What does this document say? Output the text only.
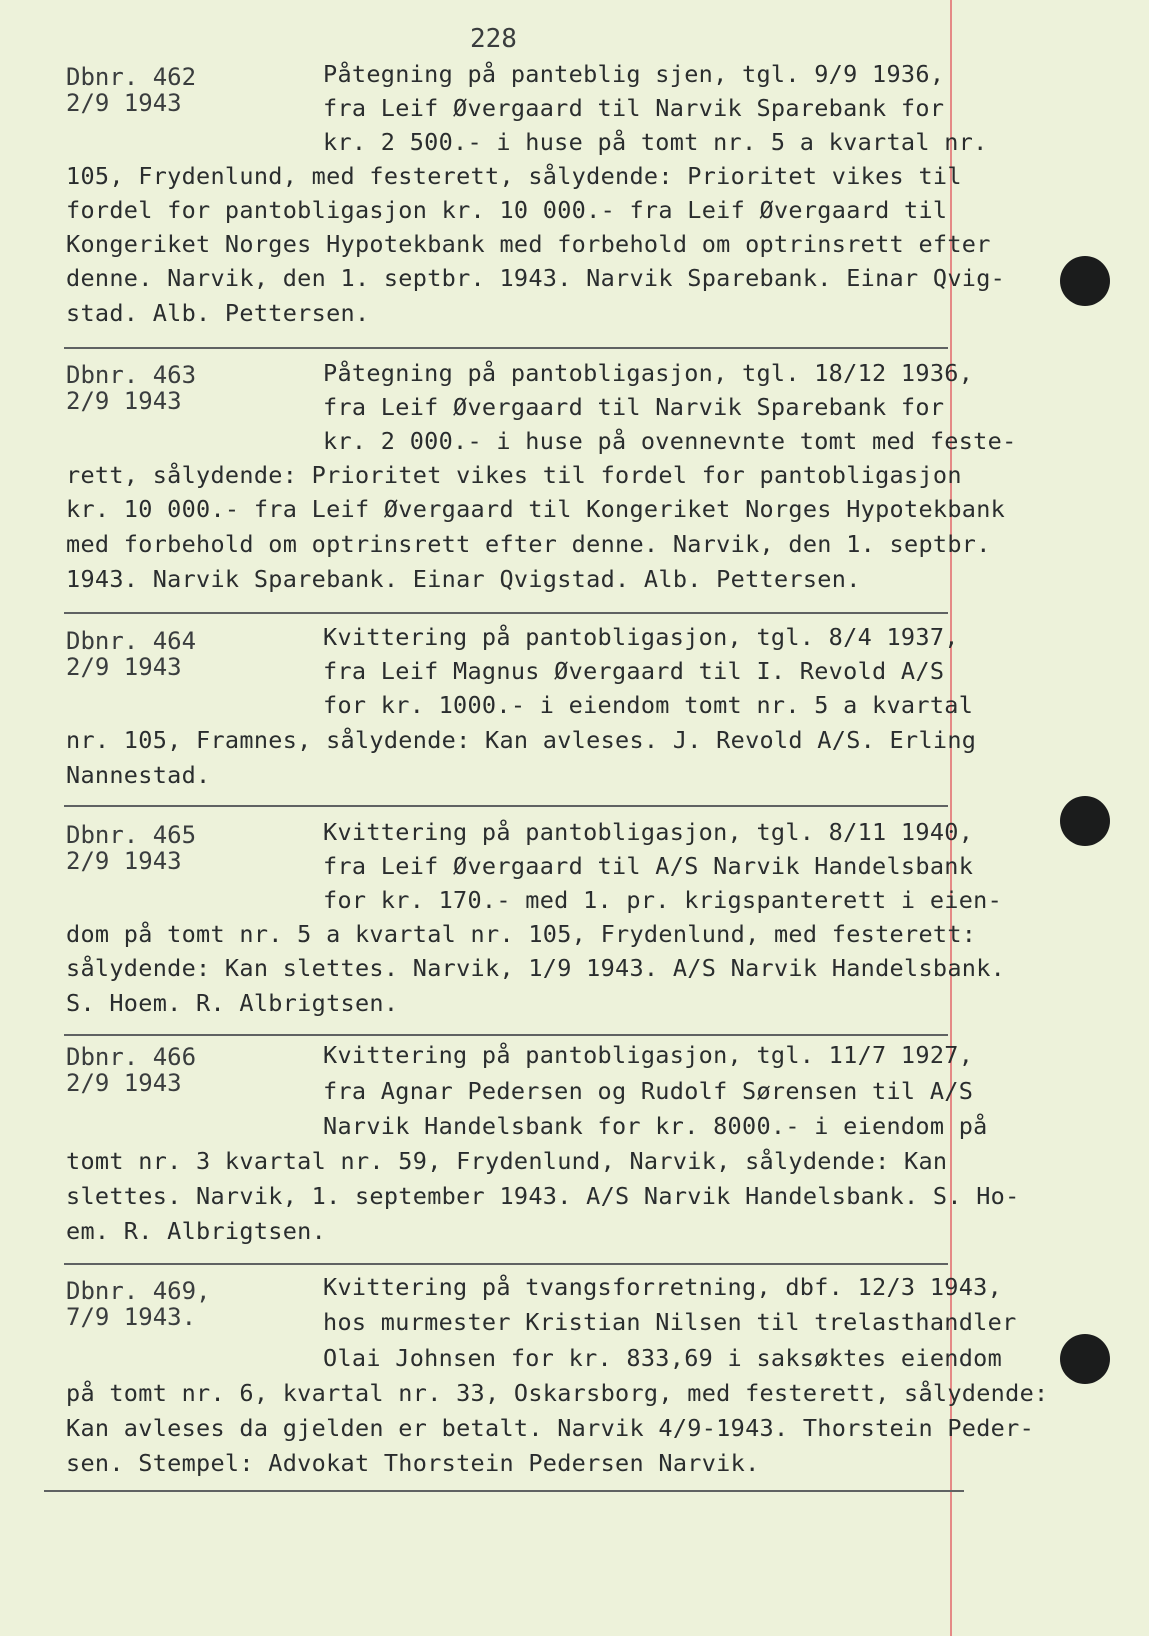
228
Dbnr. 462
2/9 1943
Påtegning på panteblig sjen, tgl. 9/9 1936,
fra Leif Øvergaard til Narvik Sparebank for
kr. 2 500.- i huse på tomt nr. 5 a kvartal nr.
105, Frydenlund, med festerett, sålydende: Prioritet vikes til
fordel for pantobligasjon kr. 10 000.- fra Leif Øvergaard til
Kongeriket Norges Hypotekbank med forbehold om optrinsrett efter
denne. Narvik, den 1. septbr. 1943. Narvik Sparebank. Einar Qvig-
stad. Alb. Pettersen.
Dbnr. 463
2/9 1943
Påtegning på pantobligasjon, tgl. 18/12 1936,
fra Leif Øvergaard til Narvik Sparebank for
kr. 2 000.- i huse på ovennevnte tomt med feste-
rett, sålydende: Prioritet vikes til fordel for pantobligasjon
kr. 10 000.- fra Leif Øvergaard til Kongeriket Norges Hypotekbank
med forbehold om optrinsrett efter denne. Narvik, den 1. septbr.
1943. Narvik Sparebank. Einar Qvigstad. Alb. Pettersen.
Dbnr. 464
2/9 1943
Kvittering på pantobligasjon, tgl. 8/4 1937,
fra Leif Magnus Øvergaard til I. Revold A/S
for kr. 1000.- i eiendom tomt nr. 5 a kvartal
nr. 105, Framnes, sålydende: Kan avleses. J. Revold A/S. Erling
Nannestad.
Dbnr. 465
2/9 1943
Kvittering på pantobligasjon, tgl. 8/11 1940,
fra Leif Øvergaard til A/S Narvik Handelsbank
for kr. 170.- med 1. pr. krigspanterett i eien-
dom på tomt nr. 5 a kvartal nr. 105, Frydenlund, med festerett:
sålydende: Kan slettes. Narvik, 1/9 1943. A/S Narvik Handelsbank.
S. Hoem. R. Albrigtsen.
Dbnr. 466
2/9 1943
Kvittering på pantobligasjon, tgl. 11/7 1927,
fra Agnar Pedersen og Rudolf Sørensen til A/S
Narvik Handelsbank for kr. 8000.- i eiendom på
tomt nr. 3 kvartal nr. 59, Frydenlund, Narvik, sålydende: Kan
slettes. Narvik, 1. september 1943. A/S Narvik Handelsbank. S. Ho-
em. R. Albrigtsen.
Dbnr. 469,
7/9 1943.
Kvittering på tvangsforretning, dbf. 12/3 1943,
hos murmester Kristian Nilsen til trelasthandler
Olai Johnsen for kr. 833,69 i saksøktes eiendom
på tomt nr. 6, kvartal nr. 33, Oskarsborg, med festerett, sålydende:
Kan avleses da gjelden er betalt. Narvik 4/9-1943. Thorstein Peder-
sen. Stempel: Advokat Thorstein Pedersen Narvik.
